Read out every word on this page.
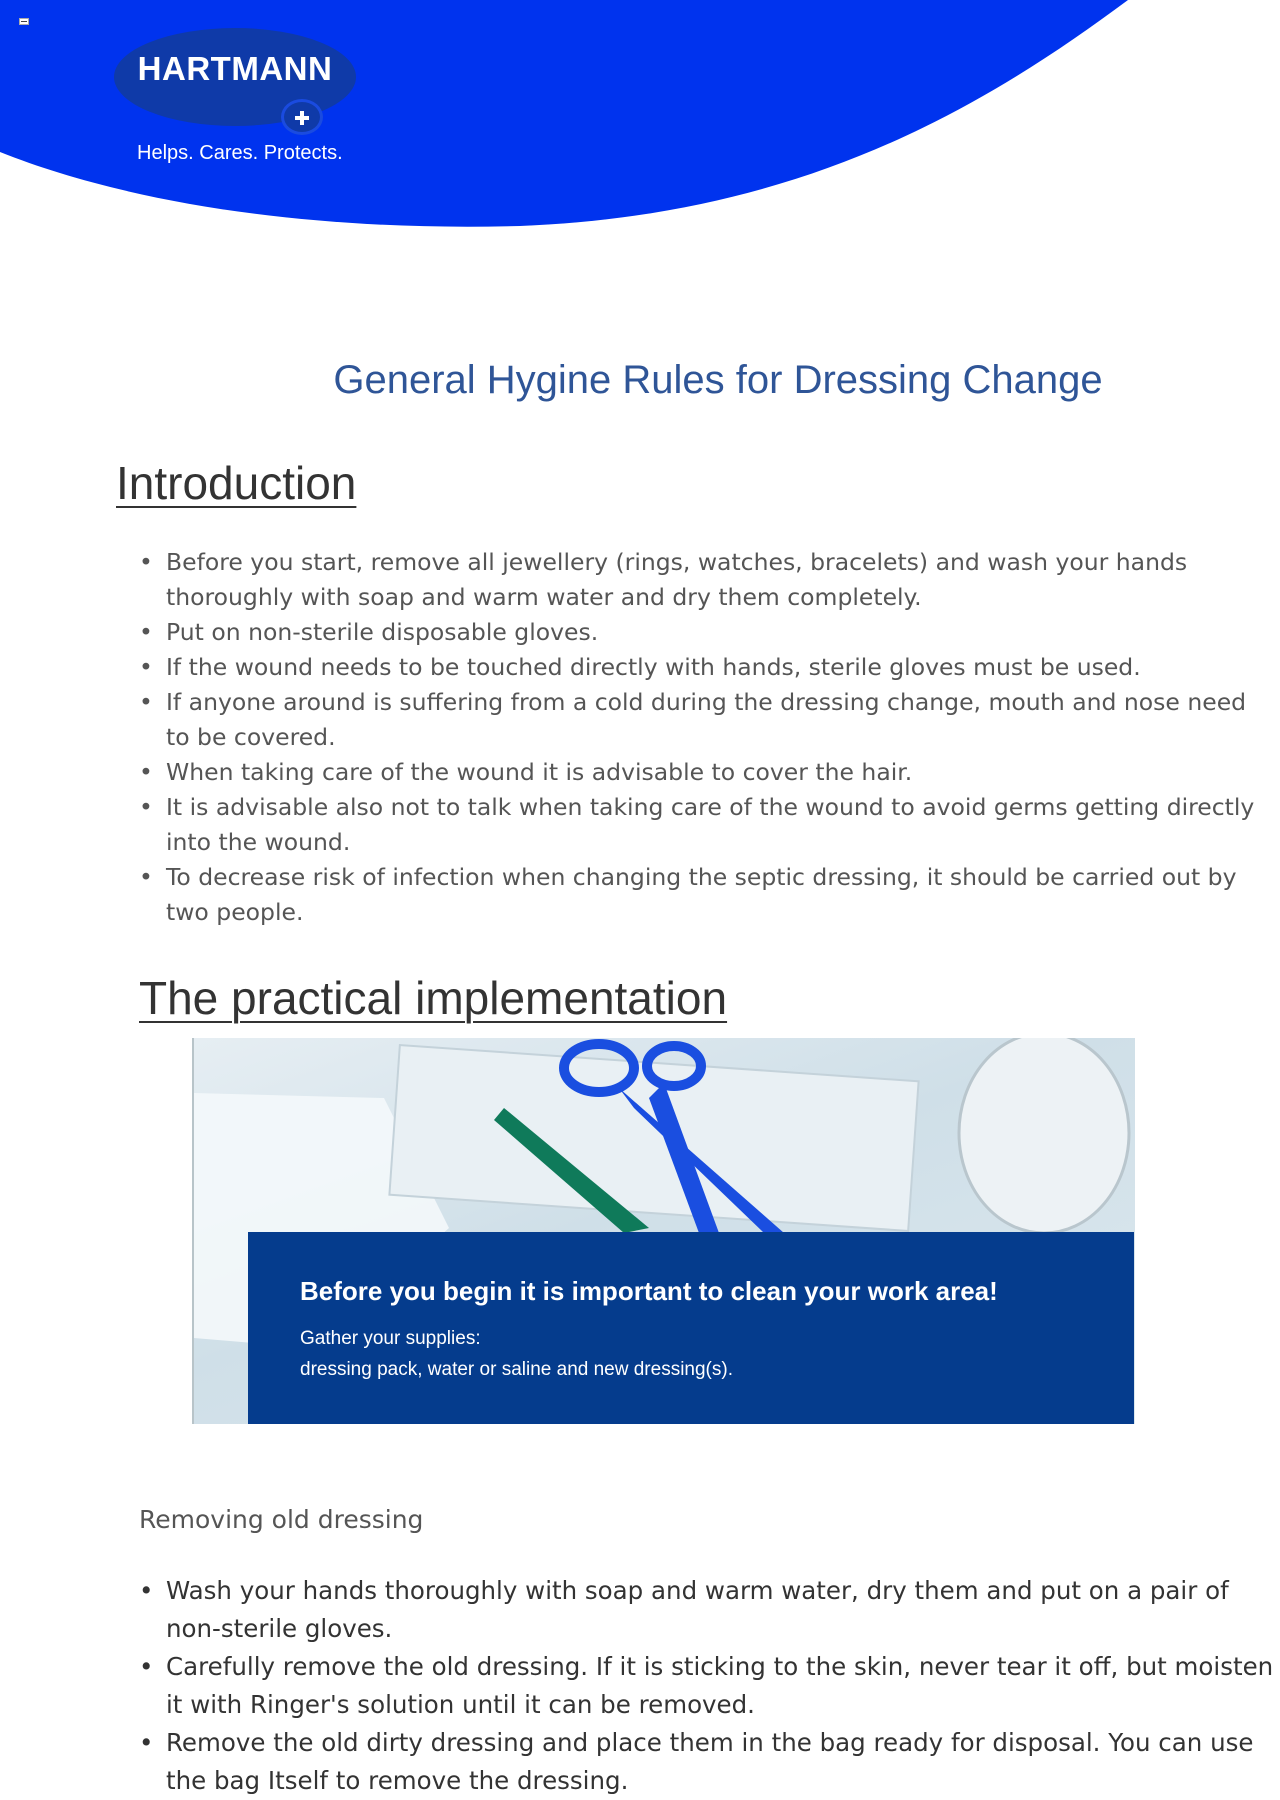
HARTMANN
Helps. Cares. Protects.
General Hygine Rules for Dressing Change
Introduction
• Before you start, remove all jewellery (rings, watches, bracelets) and wash your hands thoroughly with soap and warm water and dry them completely.
• Put on non-sterile disposable gloves.
• If the wound needs to be touched directly with hands, sterile gloves must be used.
• If anyone around is suffering from a cold during the dressing change, mouth and nose need to be covered.
• When taking care of the wound it is advisable to cover the hair.
• It is advisable also not to talk when taking care of the wound to avoid germs getting directly into the wound.
• To decrease risk of infection when changing the septic dressing, it should be carried out by two people.
The practical implementation
Before you begin it is important to clean your work area!
Gather your supplies:
dressing pack, water or saline and new dressing(s).
Removing old dressing
• Wash your hands thoroughly with soap and warm water, dry them and put on a pair of non-sterile gloves.
• Carefully remove the old dressing. If it is sticking to the skin, never tear it off, but moisten it with Ringer's solution until it can be removed.
• Remove the old dirty dressing and place them in the bag ready for disposal. You can use the bag Itself to remove the dressing.
